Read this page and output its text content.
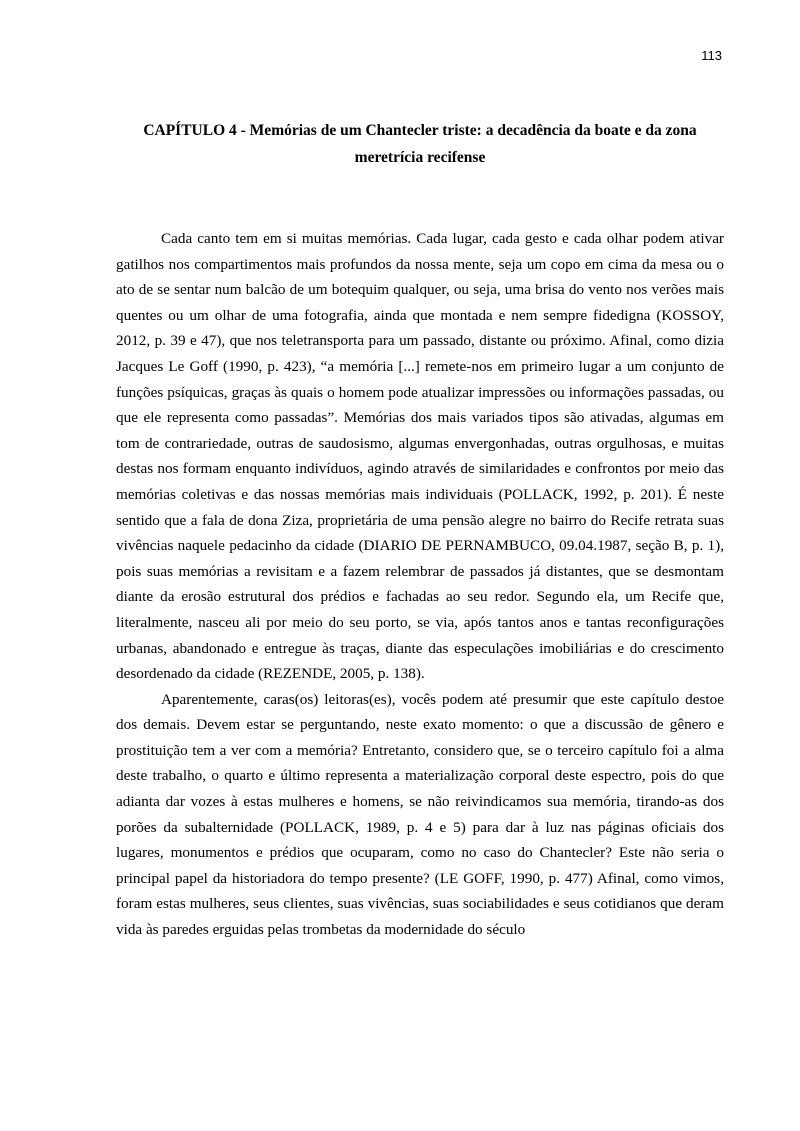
113
CAPÍTULO 4 - Memórias de um Chantecler triste: a decadência da boate e da zona meretrícia recifense

Cada canto tem em si muitas memórias. Cada lugar, cada gesto e cada olhar podem ativar gatilhos nos compartimentos mais profundos da nossa mente, seja um copo em cima da mesa ou o ato de se sentar num balcão de um botequim qualquer, ou seja, uma brisa do vento nos verões mais quentes ou um olhar de uma fotografia, ainda que montada e nem sempre fidedigna (KOSSOY, 2012, p. 39 e 47), que nos teletransporta para um passado, distante ou próximo. Afinal, como dizia Jacques Le Goff (1990, p. 423), “a memória [...] remete-nos em primeiro lugar a um conjunto de funções psíquicas, graças às quais o homem pode atualizar impressões ou informações passadas, ou que ele representa como passadas”. Memórias dos mais variados tipos são ativadas, algumas em tom de contrariedade, outras de saudosismo, algumas envergonhadas, outras orgulhosas, e muitas destas nos formam enquanto indivíduos, agindo através de similaridades e confrontos por meio das memórias coletivas e das nossas memórias mais individuais (POLLACK, 1992, p. 201). É neste sentido que a fala de dona Ziza, proprietária de uma pensão alegre no bairro do Recife retrata suas vivências naquele pedacinho da cidade (DIARIO DE PERNAMBUCO, 09.04.1987, seção B, p. 1), pois suas memórias a revisitam e a fazem relembrar de passados já distantes, que se desmontam diante da erosão estrutural dos prédios e fachadas ao seu redor. Segundo ela, um Recife que, literalmente, nasceu ali por meio do seu porto, se via, após tantos anos e tantas reconfigurações urbanas, abandonado e entregue às traças, diante das especulações imobiliárias e do crescimento desordenado da cidade (REZENDE, 2005, p. 138).

Aparentemente, caras(os) leitoras(es), vocês podem até presumir que este capítulo destoe dos demais. Devem estar se perguntando, neste exato momento: o que a discussão de gênero e prostituição tem a ver com a memória? Entretanto, considero que, se o terceiro capítulo foi a alma deste trabalho, o quarto e último representa a materialização corporal deste espectro, pois do que adianta dar vozes à estas mulheres e homens, se não reivindicamos sua memória, tirando-as dos porões da subalternidade (POLLACK, 1989, p. 4 e 5) para dar à luz nas páginas oficiais dos lugares, monumentos e prédios que ocuparam, como no caso do Chantecler? Este não seria o principal papel da historiadora do tempo presente? (LE GOFF, 1990, p. 477) Afinal, como vimos, foram estas mulheres, seus clientes, suas vivências, suas sociabilidades e seus cotidianos que deram vida às paredes erguidas pelas trombetas da modernidade do século
